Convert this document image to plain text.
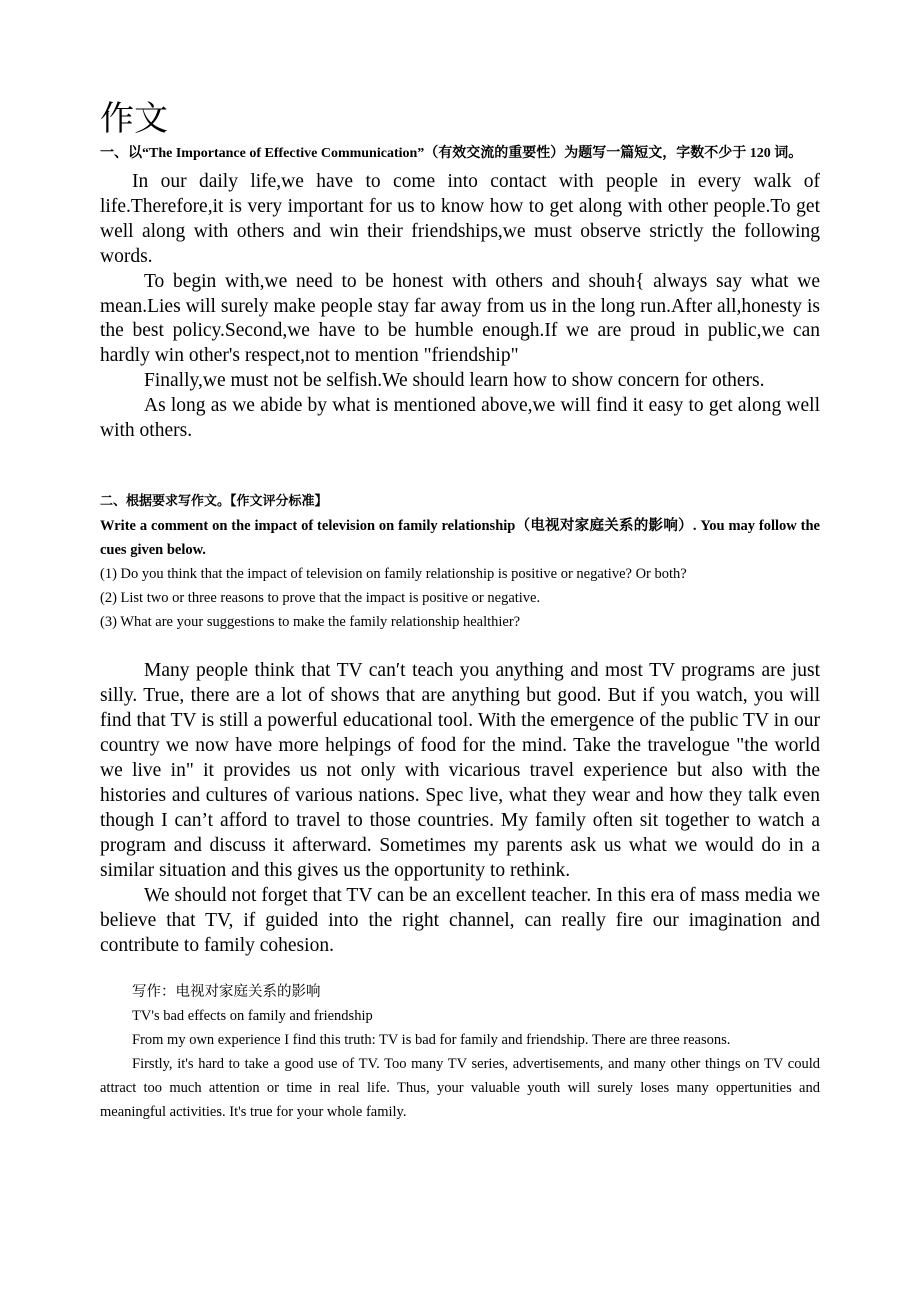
作文

一、以“The Importance of Effective Communication”（有效交流的重要性）为题写一篇短文，字数不少于 120 词。

In our daily life,we have to come into contact with people in every walk of life.Therefore,it is very important for us to know how to get along with other people.To get well along with others and win their friendships,we must observe strictly the following words.

To begin with,we need to be honest with others and shouh{ always say what we mean.Lies will surely make people stay far away from us in the long run.After all,honesty is the best policy.Second,we have to be humble enough.If we are proud in public,we can hardly win other's respect,not to mention "friendship"

Finally,we must not be selfish.We should learn how to show concern for others.

As long as we abide by what is mentioned above,we will find it easy to get along well with others.

二、根据要求写作文。【作文评分标准】

Write a comment on the impact of television on family relationship（电视对家庭关系的影响）. You may follow the cues given below.

(1) Do you think that the impact of television on family relationship is positive or negative? Or both?

(2) List two or three reasons to prove that the impact is positive or negative.

(3) What are your suggestions to make the family relationship healthier?

Many people think that TV can′t teach you anything and most TV programs are just silly. True, there are a lot of shows that are anything but good. But if you watch, you will find that TV is still a powerful educational tool. With the emergence of the public TV in our country we now have more helpings of food for the mind. Take the travelogue "the world we live in" it provides us not only with vicarious travel experience but also with the histories and cultures of various nations. Spec live, what they wear and how they talk even though I can’t afford to travel to those countries. My family often sit together to watch a program and discuss it afterward. Sometimes my parents ask us what we would do in a similar situation and this gives us the opportunity to rethink.

We should not forget that TV can be an excellent teacher. In this era of mass media we believe that TV, if guided into the right channel, can really fire our imagination and contribute to family cohesion.

写作：电视对家庭关系的影响

TV's bad effects on family and friendship

From my own experience I find this truth: TV is bad for family and friendship. There are three reasons.

Firstly, it's hard to take a good use of TV. Too many TV series, advertisements, and many other things on TV could attract too much attention or time in real life. Thus, your valuable youth will surely loses many oppertunities and meaningful activities. It's true for your whole family.
